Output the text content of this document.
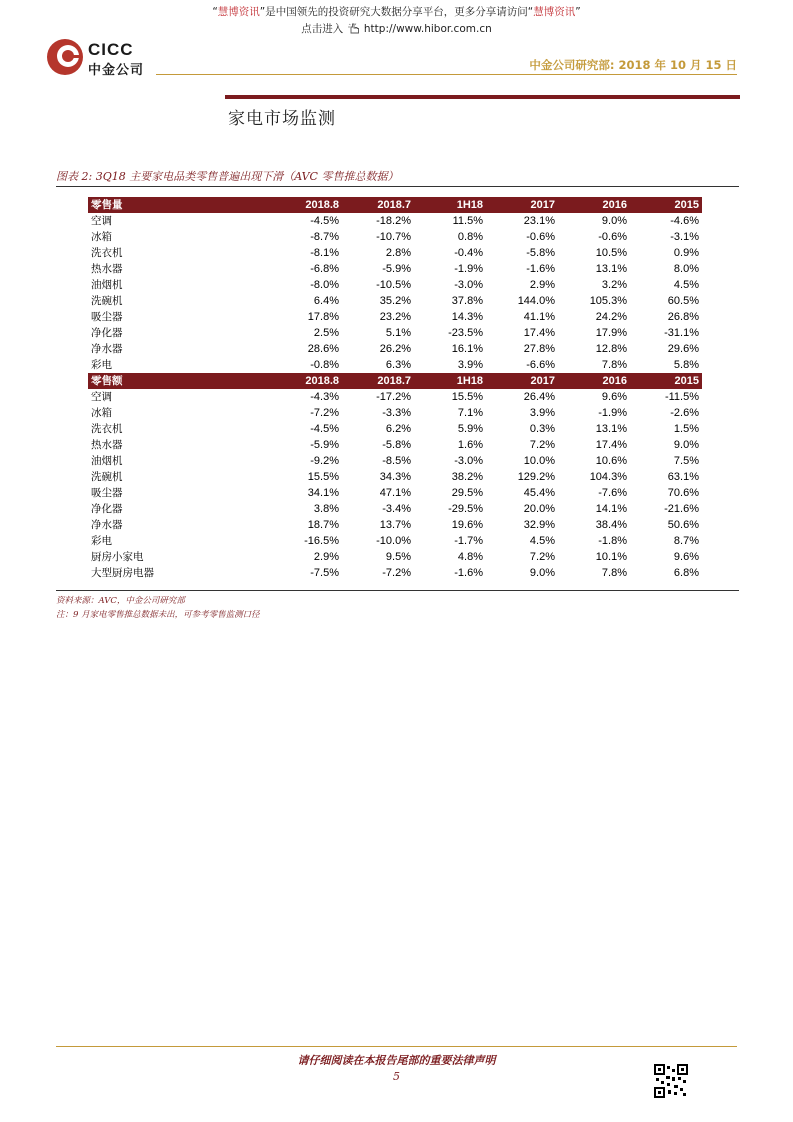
“慧博资讯”是中国领先的投资研究大数据分享平台，更多分享请访问“慧博资讯”
点击进入 http://www.hibor.com.cn
CICC
中金公司	中金公司研究部: 2018 年 10 月 15 日
家电市场监测
图表 2: 3Q18 主要家电品类零售普遍出现下滑（AVC 零售推总数据）
零售量	2018.8	2018.7	1H18	2017	2016	2015
空调	-4.5%	-18.2%	11.5%	23.1%	9.0%	-4.6%
冰箱	-8.7%	-10.7%	0.8%	-0.6%	-0.6%	-3.1%
洗衣机	-8.1%	2.8%	-0.4%	-5.8%	10.5%	0.9%
热水器	-6.8%	-5.9%	-1.9%	-1.6%	13.1%	8.0%
油烟机	-8.0%	-10.5%	-3.0%	2.9%	3.2%	4.5%
洗碗机	6.4%	35.2%	37.8%	144.0%	105.3%	60.5%
吸尘器	17.8%	23.2%	14.3%	41.1%	24.2%	26.8%
净化器	2.5%	5.1%	-23.5%	17.4%	17.9%	-31.1%
净水器	28.6%	26.2%	16.1%	27.8%	12.8%	29.6%
彩电	-0.8%	6.3%	3.9%	-6.6%	7.8%	5.8%
零售额	2018.8	2018.7	1H18	2017	2016	2015
空调	-4.3%	-17.2%	15.5%	26.4%	9.6%	-11.5%
冰箱	-7.2%	-3.3%	7.1%	3.9%	-1.9%	-2.6%
洗衣机	-4.5%	6.2%	5.9%	0.3%	13.1%	1.5%
热水器	-5.9%	-5.8%	1.6%	7.2%	17.4%	9.0%
油烟机	-9.2%	-8.5%	-3.0%	10.0%	10.6%	7.5%
洗碗机	15.5%	34.3%	38.2%	129.2%	104.3%	63.1%
吸尘器	34.1%	47.1%	29.5%	45.4%	-7.6%	70.6%
净化器	3.8%	-3.4%	-29.5%	20.0%	14.1%	-21.6%
净水器	18.7%	13.7%	19.6%	32.9%	38.4%	50.6%
彩电	-16.5%	-10.0%	-1.7%	4.5%	-1.8%	8.7%
厨房小家电	2.9%	9.5%	4.8%	7.2%	10.1%	9.6%
大型厨房电器	-7.5%	-7.2%	-1.6%	9.0%	7.8%	6.8%
资料来源：AVC，中金公司研究部
注：9 月家电零售推总数据未出，可参考零售监测口径
请仔细阅读在本报告尾部的重要法律声明
5
